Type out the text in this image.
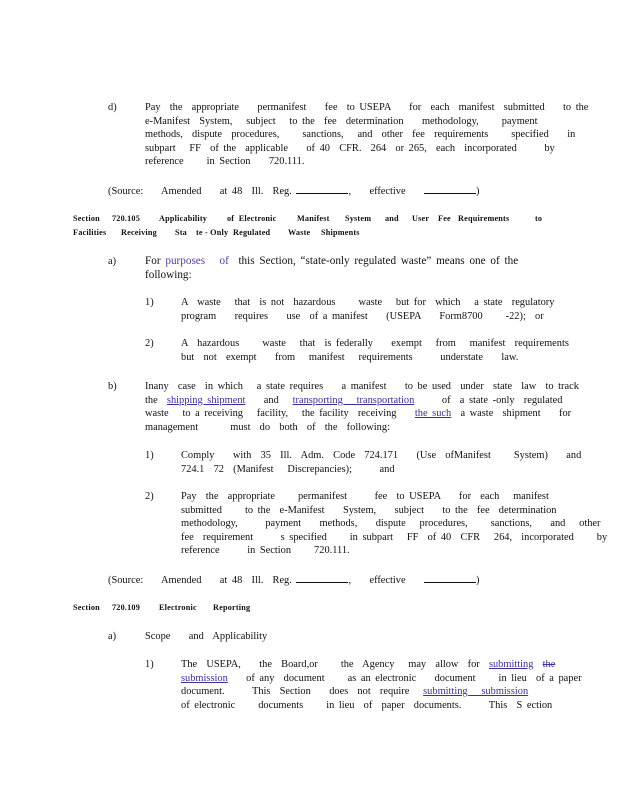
d)	Pay  the  appropriate    permanifest    fee  to USEPA    for  each  manifest  submitted    to the
e-Manifest  System,   subject   to the  fee  determination    methodology,     payment
methods,  dispute  procedures,     sanctions,   and  other  fee  requirements     specified    in
subpart   FF  of the  applicable    of 40  CFR.  264  or 265,  each  incorporated      by
reference     in Section    720.111.
(Source:    Amended    at 48  Ill.  Reg.	,    effective	)
Section 720.105 Applicability of  Electronic	Manifest System and User Fee Requirements	to
Facilities Receiving Sta    te - Only Regulated Waste Shipments
a)	For purposes of this Section, “state-only regulated waste” means one of the
following:
1)	A  waste   that  is not  hazardous     waste   but for  which   a state  regulatory
program    requires    use  of a manifest    (USEPA    Form8700     -22);  or
2)	A  hazardous     waste   that  is federally    exempt   from   manifest  requirements
but  not  exempt    from   manifest   requirements      understate    law.
b)	Inany  case  in which   a state requires    a manifest    to be used  under  state  law  to track
the shipping shipment and transporting   transportation	of  a state -only  regulated
waste   to a receiving   facility,   the facility  receiving the such a waste  shipment    for
management       must  do  both  of  the  following:
1)	Comply    with  35  Ill.  Adm.  Code  724.171    (Use  ofManifest     System)    and
724.1  72  (Manifest   Discrepancies);      and
2)	Pay  the  appropriate     permanifest      fee  to USEPA    for  each   manifest
submitted     to the  e-Manifest    System,    subject    to the  fee  determination
methodology,      payment    methods,    dispute   procedures,     sanctions,    and   other
fee  requirement      s specified     in subpart   FF  of 40  CFR   264,  incorporated     by
reference      in Section     720.111.
(Source:    Amended    at 48  Ill.  Reg.	,    effective	)
Section 720.109 Electronic Reporting
a)	Scope    and  Applicability
1)	The  USEPA,    the  Board,or     the  Agency   may  allow  for submitting the
submission of any  document     as an electronic    document     in lieu  of a paper
document.      This  Section    does  not  require submitting   submission
of electronic     documents     in lieu  of  paper  documents.      This  S ection
